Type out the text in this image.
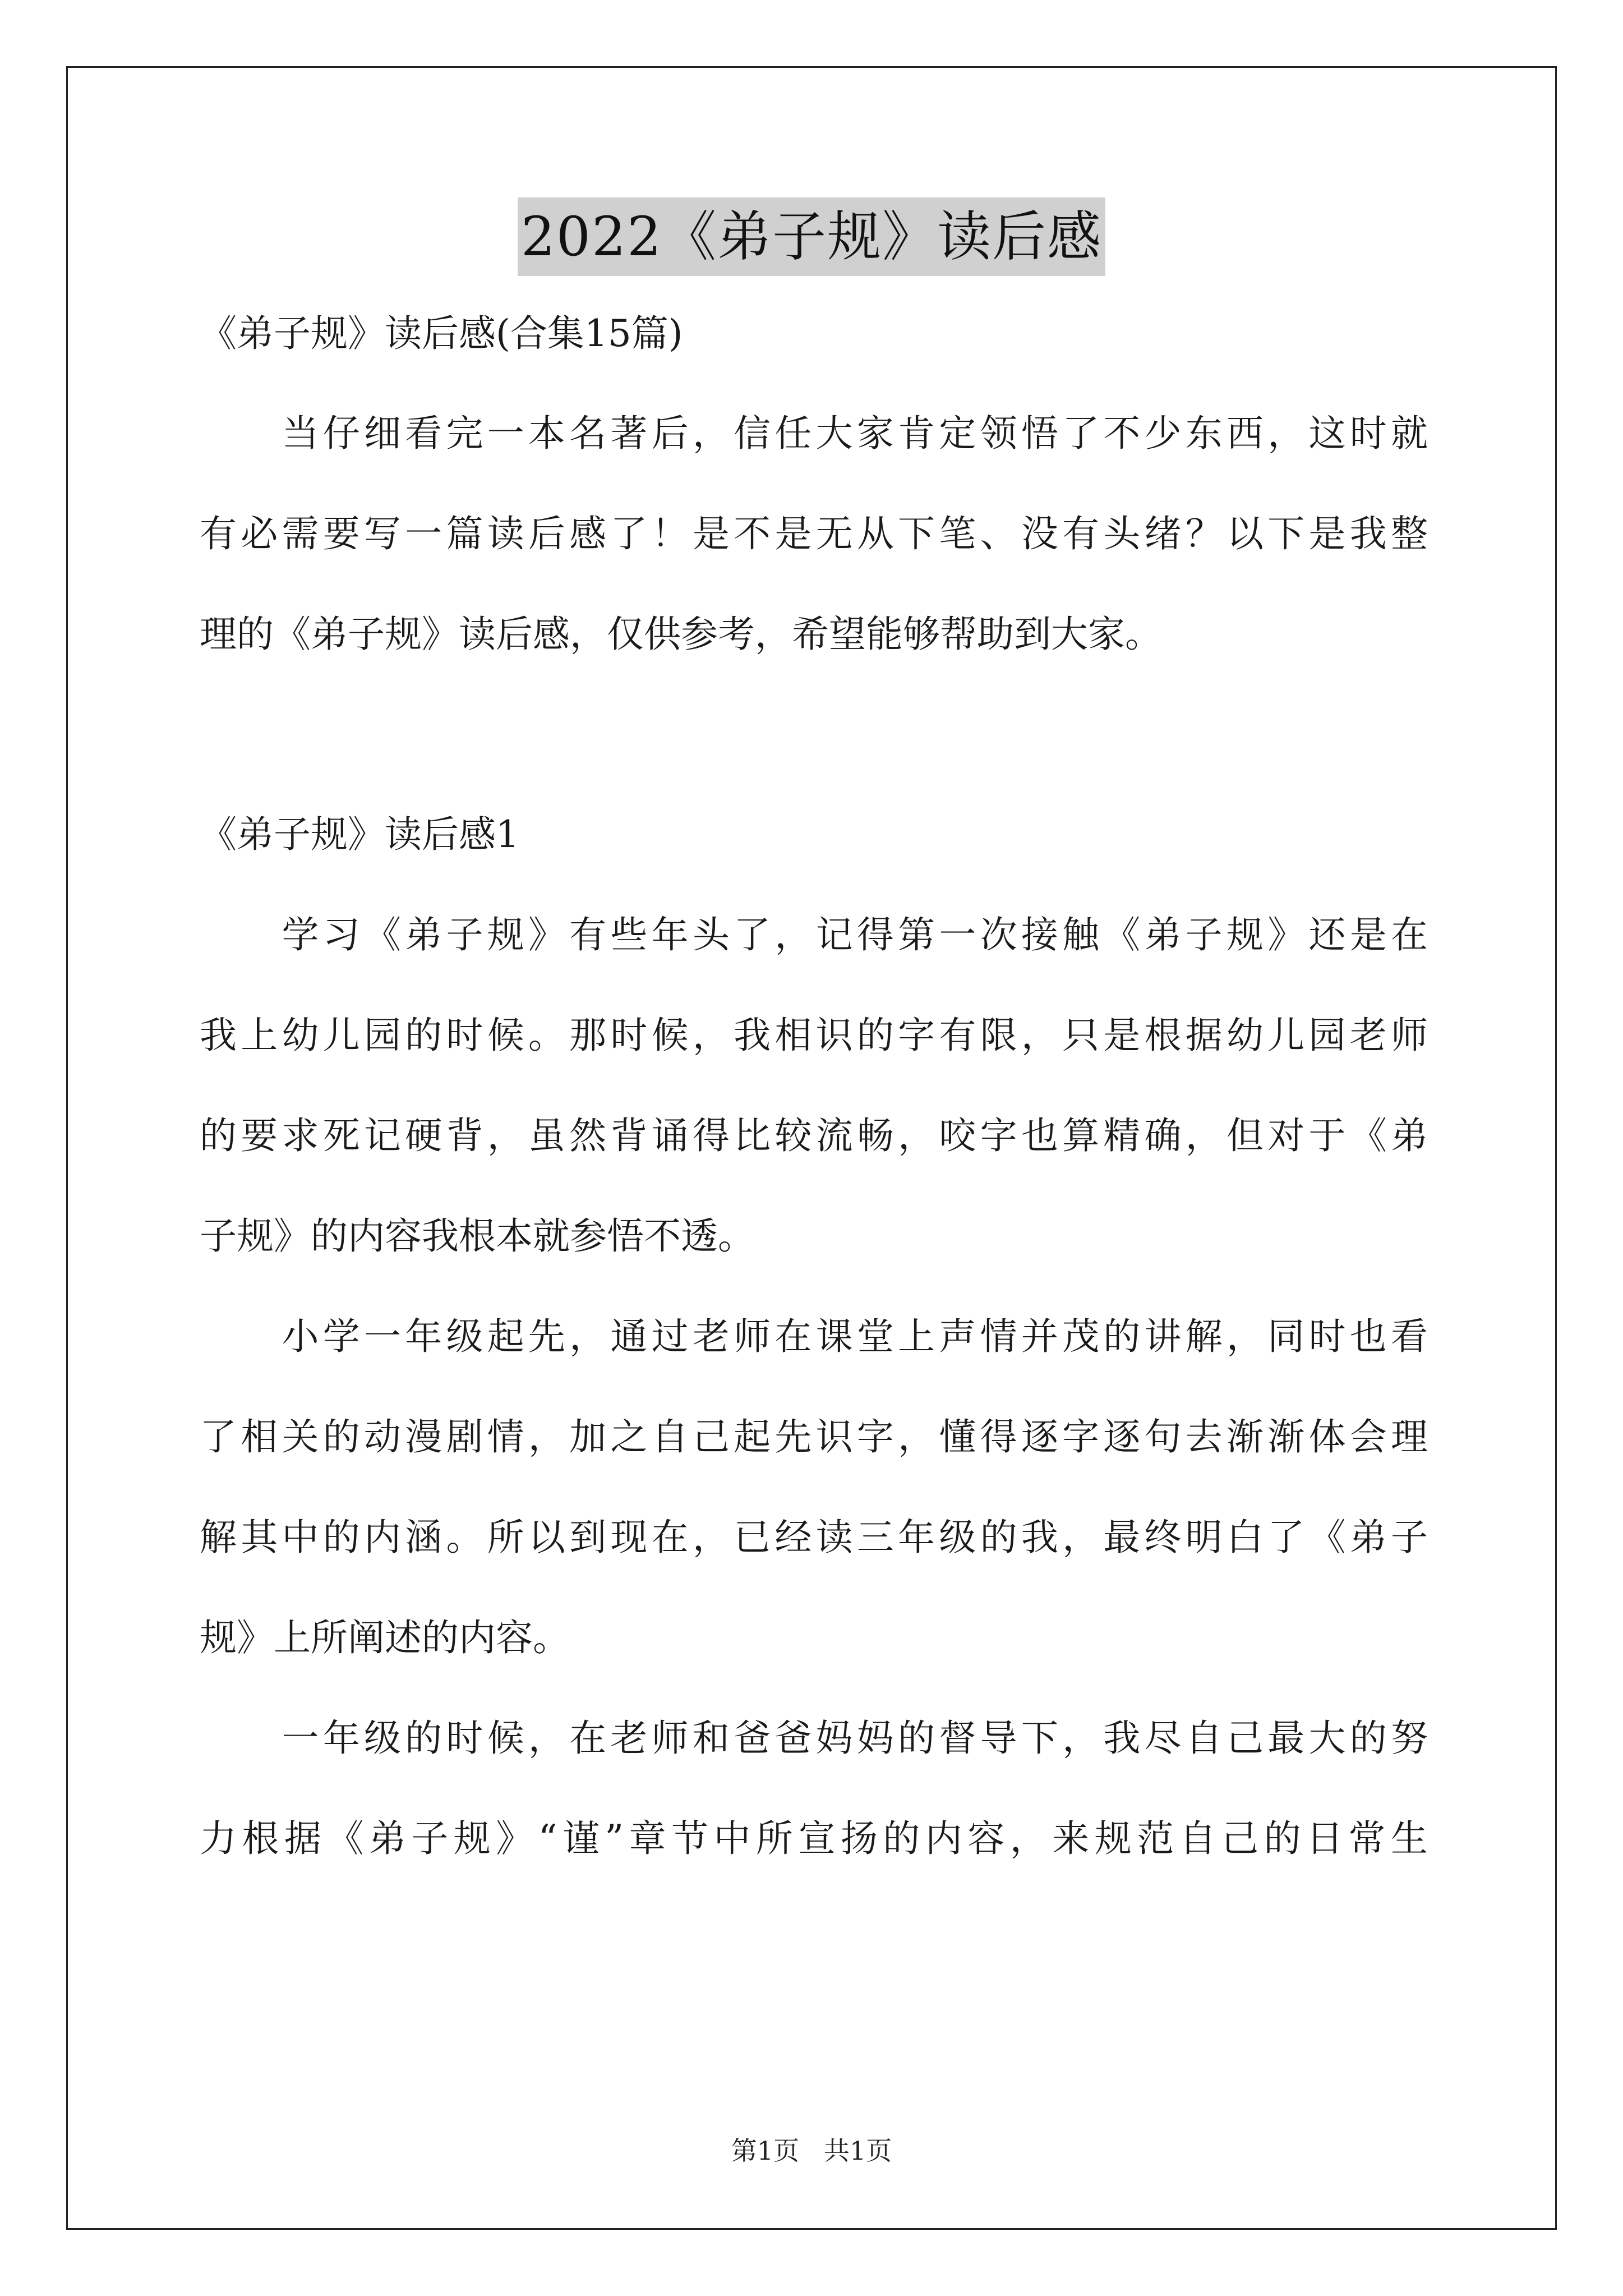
2022《弟子规》读后感
《弟子规》读后感(合集15篇)
　　当仔细看完一本名著后，信任大家肯定领悟了不少东西，这时就
有必需要写一篇读后感了！是不是无从下笔、没有头绪？以下是我整
理的《弟子规》读后感，仅供参考，希望能够帮助到大家。
《弟子规》读后感1
　　学习《弟子规》有些年头了，记得第一次接触《弟子规》还是在
我上幼儿园的时候。那时候，我相识的字有限，只是根据幼儿园老师
的要求死记硬背，虽然背诵得比较流畅，咬字也算精确，但对于《弟
子规》的内容我根本就参悟不透。
　　小学一年级起先，通过老师在课堂上声情并茂的讲解，同时也看
了相关的动漫剧情，加之自己起先识字，懂得逐字逐句去渐渐体会理
解其中的内涵。所以到现在，已经读三年级的我，最终明白了《弟子
规》上所阐述的内容。
　　一年级的时候，在老师和爸爸妈妈的督导下，我尽自己最大的努
力根据《弟子规》“谨”章节中所宣扬的内容，来规范自己的日常生
第1页   共1页
